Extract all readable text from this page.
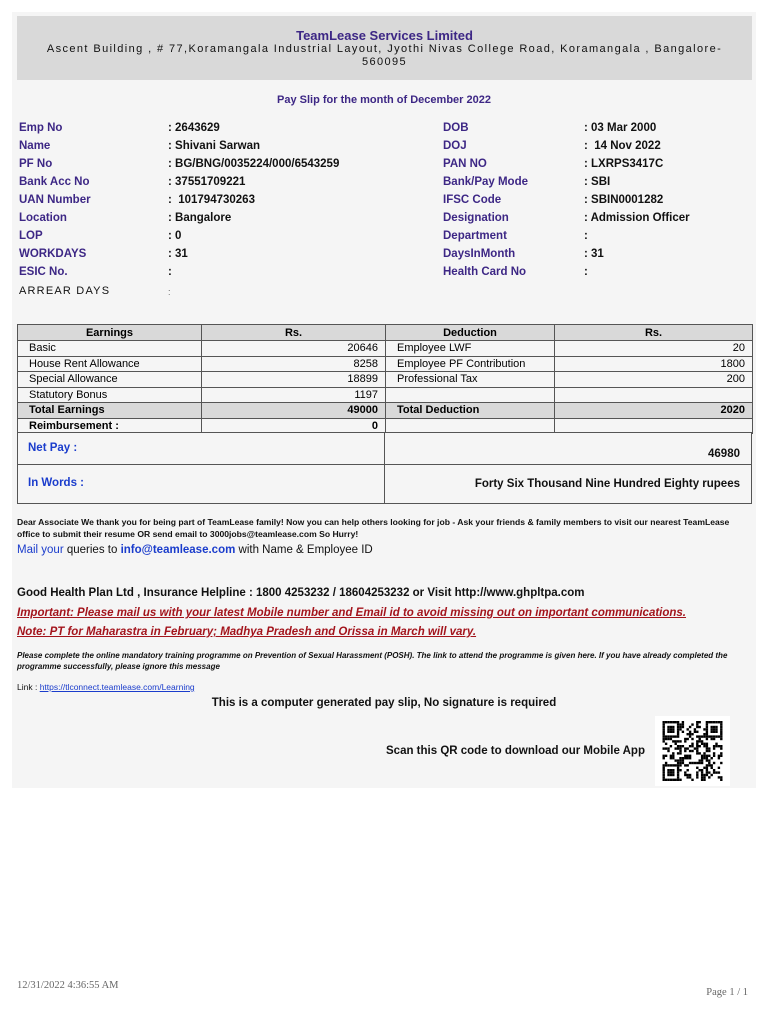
TeamLease Services Limited
Ascent Building , # 77,Koramangala Industrial Layout, Jyothi Nivas College Road, Koramangala , Bangalore-560095
Pay Slip for the month of December 2022
Emp No	: 2643629
Name	: Shivani Sarwan
PF No	: BG/BNG/0035224/000/6543259
Bank Acc No	: 37551709221
UAN Number	:  101794730263
Location	: Bangalore
LOP	: 0
WORKDAYS	: 31
ESIC No.	:
ARREAR DAYS	:
DOB	: 03 Mar 2000
DOJ	:  14 Nov 2022
PAN NO	: LXRPS3417C
Bank/Pay Mode	: SBI
IFSC Code	: SBIN0001282
Designation	: Admission Officer
Department	:
DaysInMonth	: 31
Health Card No	:
Earnings	Rs.	Deduction	Rs.
Basic	20646	Employee LWF	20
House Rent Allowance	8258	Employee PF Contribution	1800
Special Allowance	18899	Professional Tax	200
Statutory Bonus	1197		
Total Earnings	49000	Total Deduction	2020
Reimbursement :	0		
Net Pay :	46980
In Words :	Forty Six Thousand Nine Hundred Eighty rupees
Dear Associate We thank you for being part of TeamLease family! Now you can help others looking for job - Ask your friends & family members to visit our nearest TeamLease office to submit their resume OR send email to 3000jobs@teamlease.com So Hurry!
Mail your queries to info@teamlease.com with Name & Employee ID
Good Health Plan Ltd , Insurance Helpline : 1800 4253232 / 18604253232 or Visit http://www.ghpltpa.com
Important: Please mail us with your latest Mobile number and Email id to avoid missing out on important communications.
Note: PT for Maharastra in February; Madhya Pradesh and Orissa in March will vary.
Please complete the online mandatory training programme on Prevention of Sexual Harassment (POSH). The link to attend the programme is given here. If you have already completed the programme successfully, please ignore this message
Link : https://tlconnect.teamlease.com/Learning
This is a computer generated pay slip, No signature is required
Scan this QR code to download our Mobile App
12/31/2022 4:36:55 AM
Page 1 / 1
